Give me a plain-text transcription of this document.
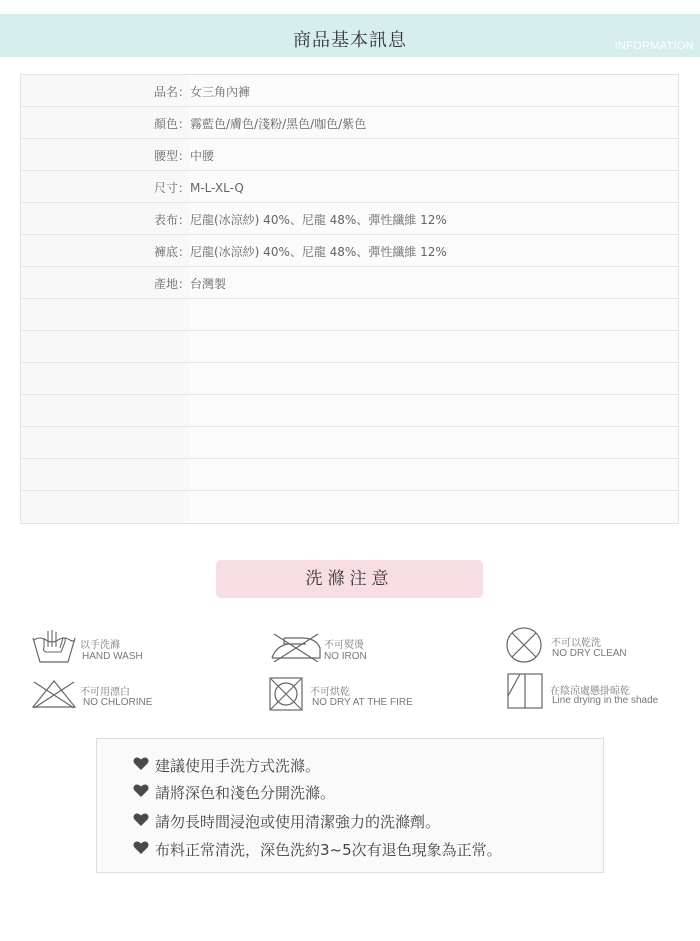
商品基本訊息	INFORMATION
品名：女三角內褲
顏色：霧藍色/膚色/淺粉/黑色/咖色/紫色
腰型：中腰
尺寸：M-L-XL-Q
表布：尼龍(冰涼紗) 40%、尼龍 48%、彈性纖維 12%
褲底：尼龍(冰涼紗) 40%、尼龍 48%、彈性纖維 12%
產地：台灣製
洗滌注意
以手洗滌
HAND WASH
不可熨燙
NO IRON
不可以乾洗
NO DRY CLEAN
不可用漂白
NO CHLORINE
不可烘乾
NO DRY AT THE FIRE
在陰涼處懸掛晾乾
Line drying in the shade
建議使用手洗方式洗滌。
請將深色和淺色分開洗滌。
請勿長時間浸泡或使用清潔強力的洗滌劑。
布料正常清洗，深色洗約3~5次有退色現象為正常。
